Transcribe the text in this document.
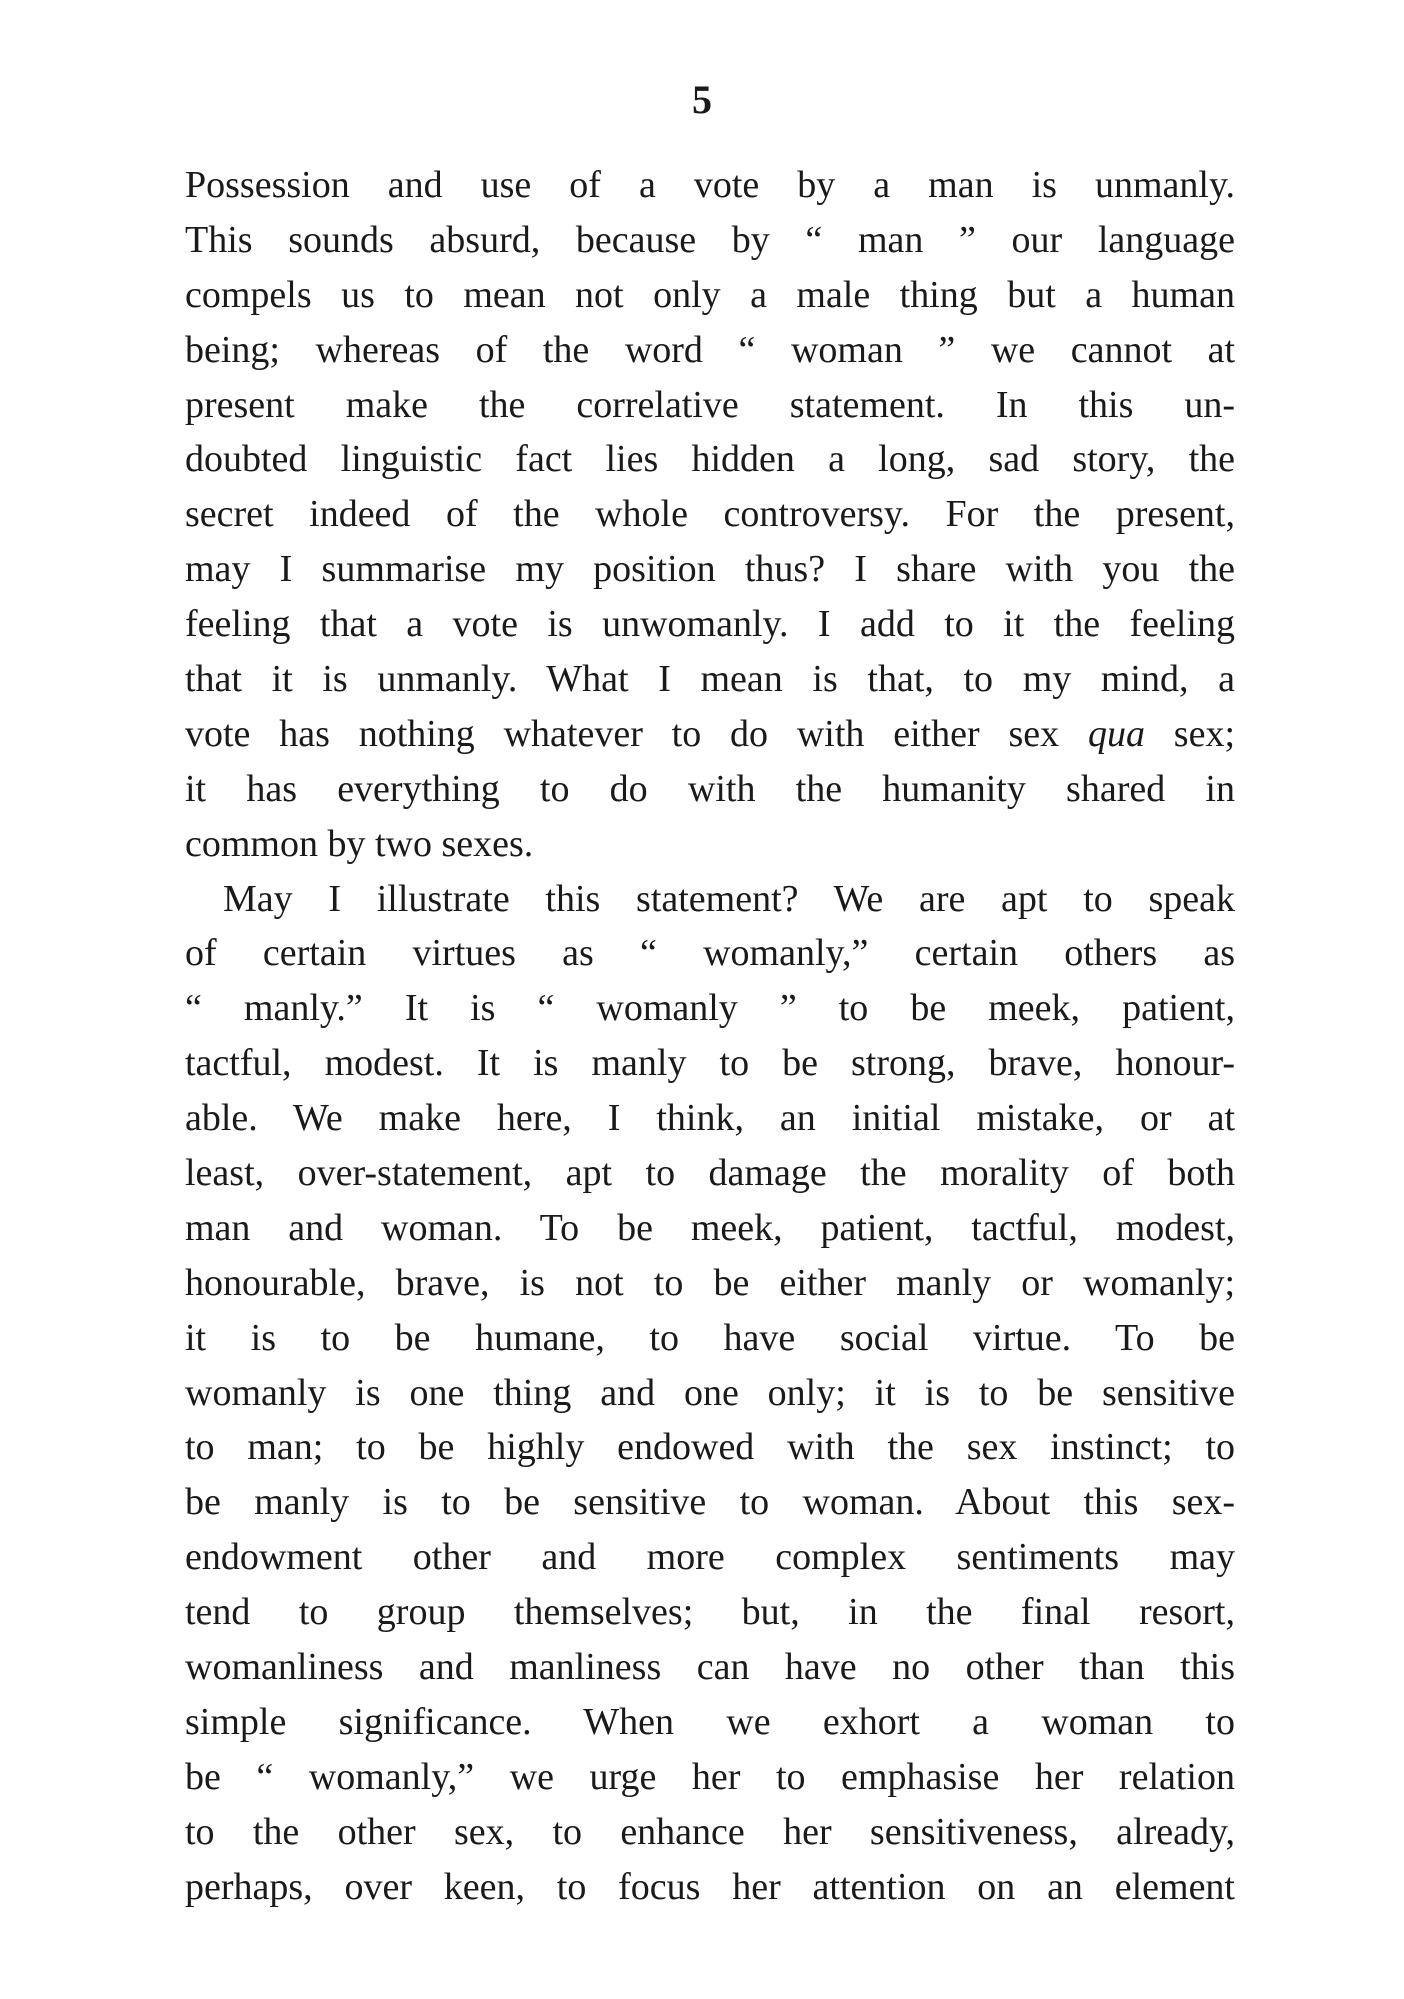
5
Possession and use of a vote by a man is unmanly.
This sounds absurd, because by “ man ” our language
compels us to mean not only a male thing but a human
being; whereas of the word “ woman ” we cannot at
present make the correlative statement. In this un-
doubted linguistic fact lies hidden a long, sad story, the
secret indeed of the whole controversy. For the present,
may I summarise my position thus? I share with you the
feeling that a vote is unwomanly. I add to it the feeling
that it is unmanly. What I mean is that, to my mind, a
vote has nothing whatever to do with either sex qua sex;
it has everything to do with the humanity shared in
common by two sexes.
May I illustrate this statement? We are apt to speak
of certain virtues as “ womanly,” certain others as
“ manly.” It is “ womanly ” to be meek, patient,
tactful, modest. It is manly to be strong, brave, honour-
able. We make here, I think, an initial mistake, or at
least, over-statement, apt to damage the morality of both
man and woman. To be meek, patient, tactful, modest,
honourable, brave, is not to be either manly or womanly;
it is to be humane, to have social virtue. To be
womanly is one thing and one only; it is to be sensitive
to man; to be highly endowed with the sex instinct; to
be manly is to be sensitive to woman. About this sex-
endowment other and more complex sentiments may
tend to group themselves; but, in the final resort,
womanliness and manliness can have no other than this
simple significance. When we exhort a woman to
be “ womanly,” we urge her to emphasise her relation
to the other sex, to enhance her sensitiveness, already,
perhaps, over keen, to focus her attention on an element
